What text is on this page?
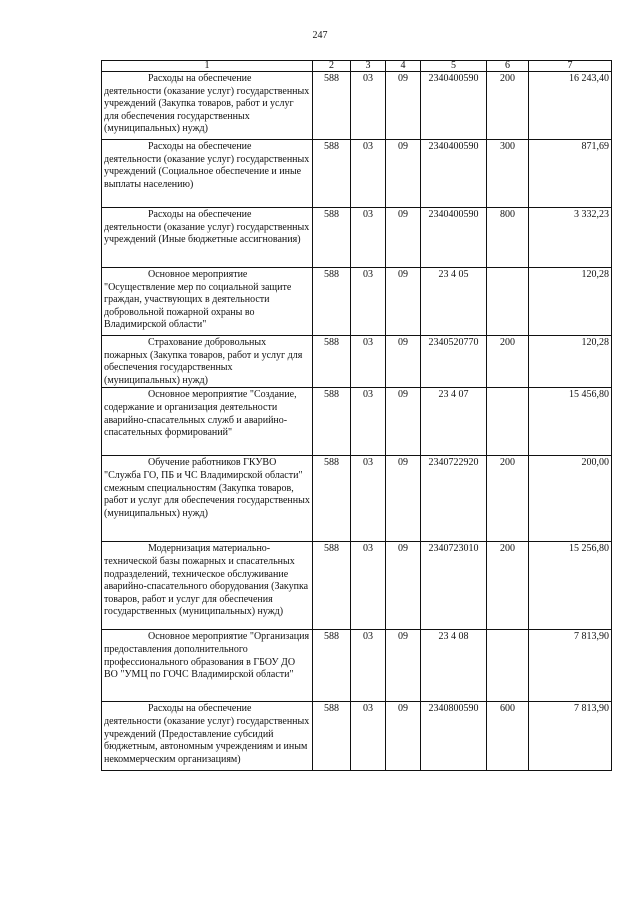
247
1	2	3	4	5	6	7
Расходы на обеспечение деятельности (оказание услуг) государственных учреждений (Закупка товаров, работ и услуг для обеспечения государственных (муниципальных) нужд)	588	03	09	2340400590	200	16 243,40
Расходы на обеспечение деятельности (оказание услуг) государственных учреждений (Социальное обеспечение и иные выплаты населению)	588	03	09	2340400590	300	871,69
Расходы на обеспечение деятельности (оказание услуг) государственных учреждений (Иные бюджетные ассигнования)	588	03	09	2340400590	800	3 332,23
Основное мероприятие "Осуществление мер по социальной защите граждан, участвующих в деятельности добровольной пожарной охраны во Владимирской области"	588	03	09	23 4 05		120,28
Страхование добровольных пожарных (Закупка товаров, работ и услуг для обеспечения государственных (муниципальных) нужд)	588	03	09	2340520770	200	120,28
Основное мероприятие "Создание, содержание и организация деятельности аварийно-спасательных служб и аварийно-спасательных формирований"	588	03	09	23 4 07		15 456,80
Обучение работников ГКУВО "Служба ГО, ПБ и ЧС Владимирской области" смежным специальностям (Закупка товаров, работ и услуг для обеспечения государственных (муниципальных) нужд)	588	03	09	2340722920	200	200,00
Модернизация материально-технической базы пожарных и спасательных подразделений, техническое обслуживание аварийно-спасательного оборудования (Закупка товаров, работ и услуг для обеспечения государственных (муниципальных) нужд)	588	03	09	2340723010	200	15 256,80
Основное мероприятие "Организация предоставления дополнительного профессионального образования в ГБОУ ДО ВО "УМЦ по ГОЧС Владимирской области"	588	03	09	23 4 08		7 813,90
Расходы на обеспечение деятельности (оказание услуг) государственных учреждений (Предоставление субсидий бюджетным, автономным учреждениям и иным некоммерческим организациям)	588	03	09	2340800590	600	7 813,90
